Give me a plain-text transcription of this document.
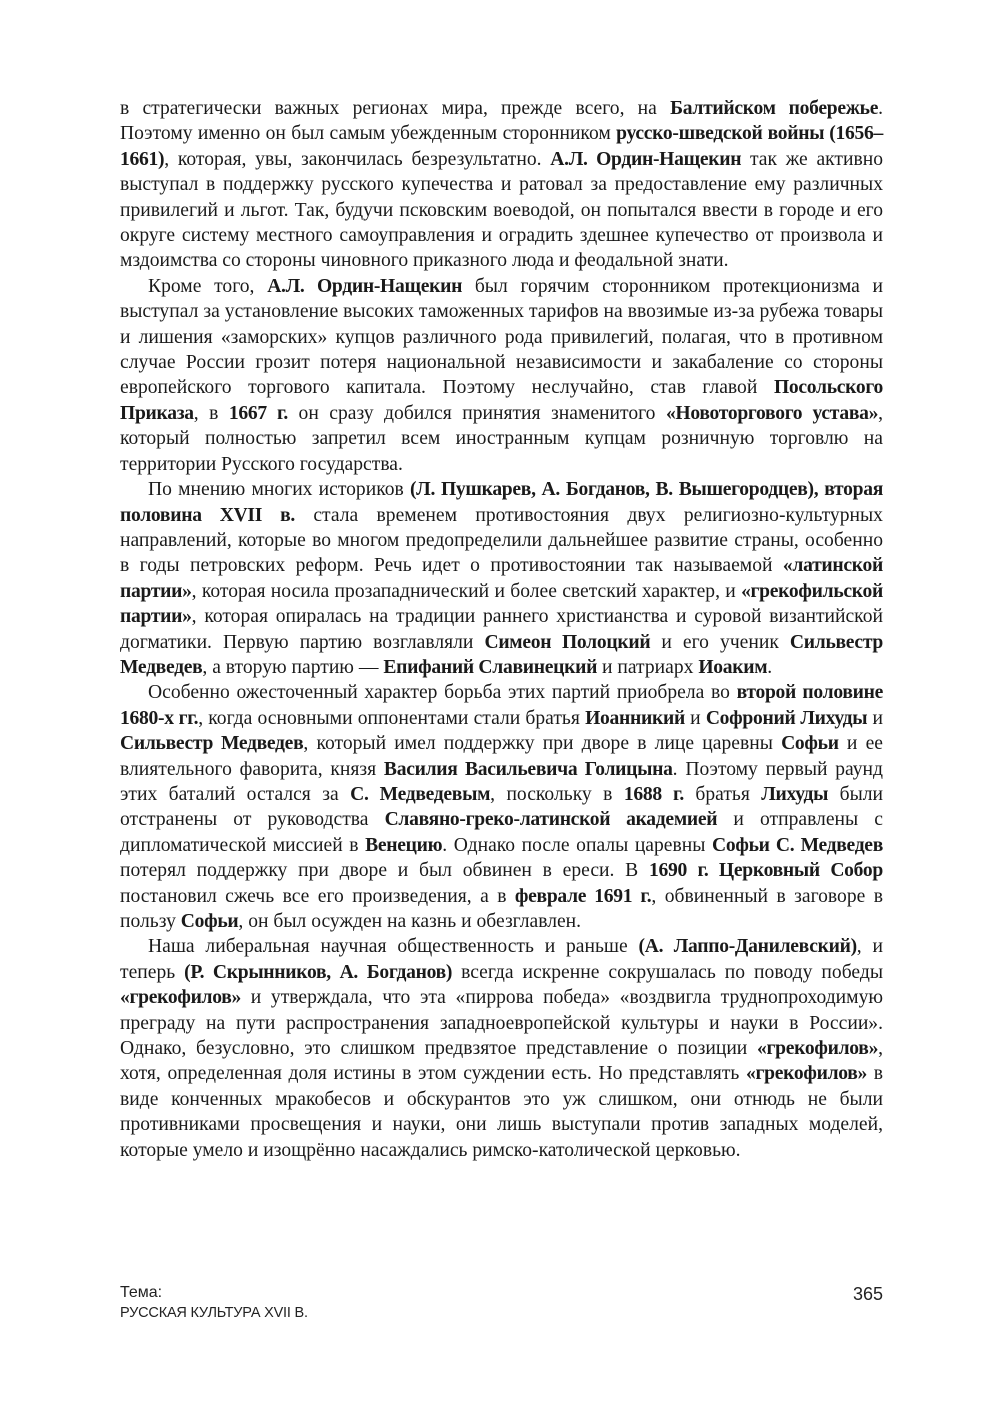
в стратегически важных регионах мира, прежде всего, на Балтийском побережье. Поэтому именно он был самым убежденным сторонником русско-шведской войны (1656–1661), которая, увы, закончилась безрезультатно. А.Л. Ордин-Нащекин так же активно выступал в поддержку русского купечества и ратовал за предоставление ему различных привилегий и льгот. Так, будучи псковским воеводой, он попытался ввести в городе и его округе систему местного самоуправления и оградить здешнее купечество от произвола и мздоимства со стороны чиновного приказного люда и феодальной знати.

Кроме того, А.Л. Ордин-Нащекин был горячим сторонником протекционизма и выступал за установление высоких таможенных тарифов на ввозимые из-за рубежа товары и лишения «заморских» купцов различного рода привилегий, полагая, что в противном случае России грозит потеря национальной независимости и закабаление со стороны европейского торгового капитала. Поэтому неслучайно, став главой Посольского Приказа, в 1667 г. он сразу добился принятия знаменитого «Новоторгового устава», который полностью запретил всем иностранным купцам розничную торговлю на территории Русского государства.

По мнению многих историков (Л. Пушкарев, А. Богданов, В. Вышегородцев), вторая половина XVII в. стала временем противостояния двух религиозно-культурных направлений, которые во многом предопределили дальнейшее развитие страны, особенно в годы петровских реформ. Речь идет о противостоянии так называемой «латинской партии», которая носила прозападнический и более светский характер, и «грекофильской партии», которая опиралась на традиции раннего христианства и суровой византийской догматики. Первую партию возглавляли Симеон Полоцкий и его ученик Сильвестр Медведев, а вторую партию — Епифаний Славинецкий и патриарх Иоаким.

Особенно ожесточенный характер борьба этих партий приобрела во второй половине 1680-х гг., когда основными оппонентами стали братья Иоанникий и Софроний Лихуды и Сильвестр Медведев, который имел поддержку при дворе в лице царевны Софьи и ее влиятельного фаворита, князя Василия Васильевича Голицына. Поэтому первый раунд этих баталий остался за С. Медведевым, поскольку в 1688 г. братья Лихуды были отстранены от руководства Славяно-греко-латинской академией и отправлены с дипломатической миссией в Венецию. Однако после опалы царевны Софьи С. Медведев потерял поддержку при дворе и был обвинен в ереси. В 1690 г. Церковный Собор постановил сжечь все его произведения, а в феврале 1691 г., обвиненный в заговоре в пользу Софьи, он был осужден на казнь и обезглавлен.

Наша либеральная научная общественность и раньше (А. Лаппо-Данилевский), и теперь (Р. Скрынников, А. Богданов) всегда искренне сокрушалась по поводу победы «грекофилов» и утверждала, что эта «пиррова победа» «воздвигла труднопроходимую преграду на пути распространения западноевропейской культуры и науки в России». Однако, безусловно, это слишком предвзятое представление о позиции «грекофилов», хотя, определенная доля истины в этом суждении есть. Но представлять «грекофилов» в виде конченных мракобесов и обскурантов это уж слишком, они отнюдь не были противниками просвещения и науки, они лишь выступали против западных моделей, которые умело и изощрённо насаждались римско-католической церковью.

Тема:
РУССКАЯ КУЛЬТУРА XVII В.
365
